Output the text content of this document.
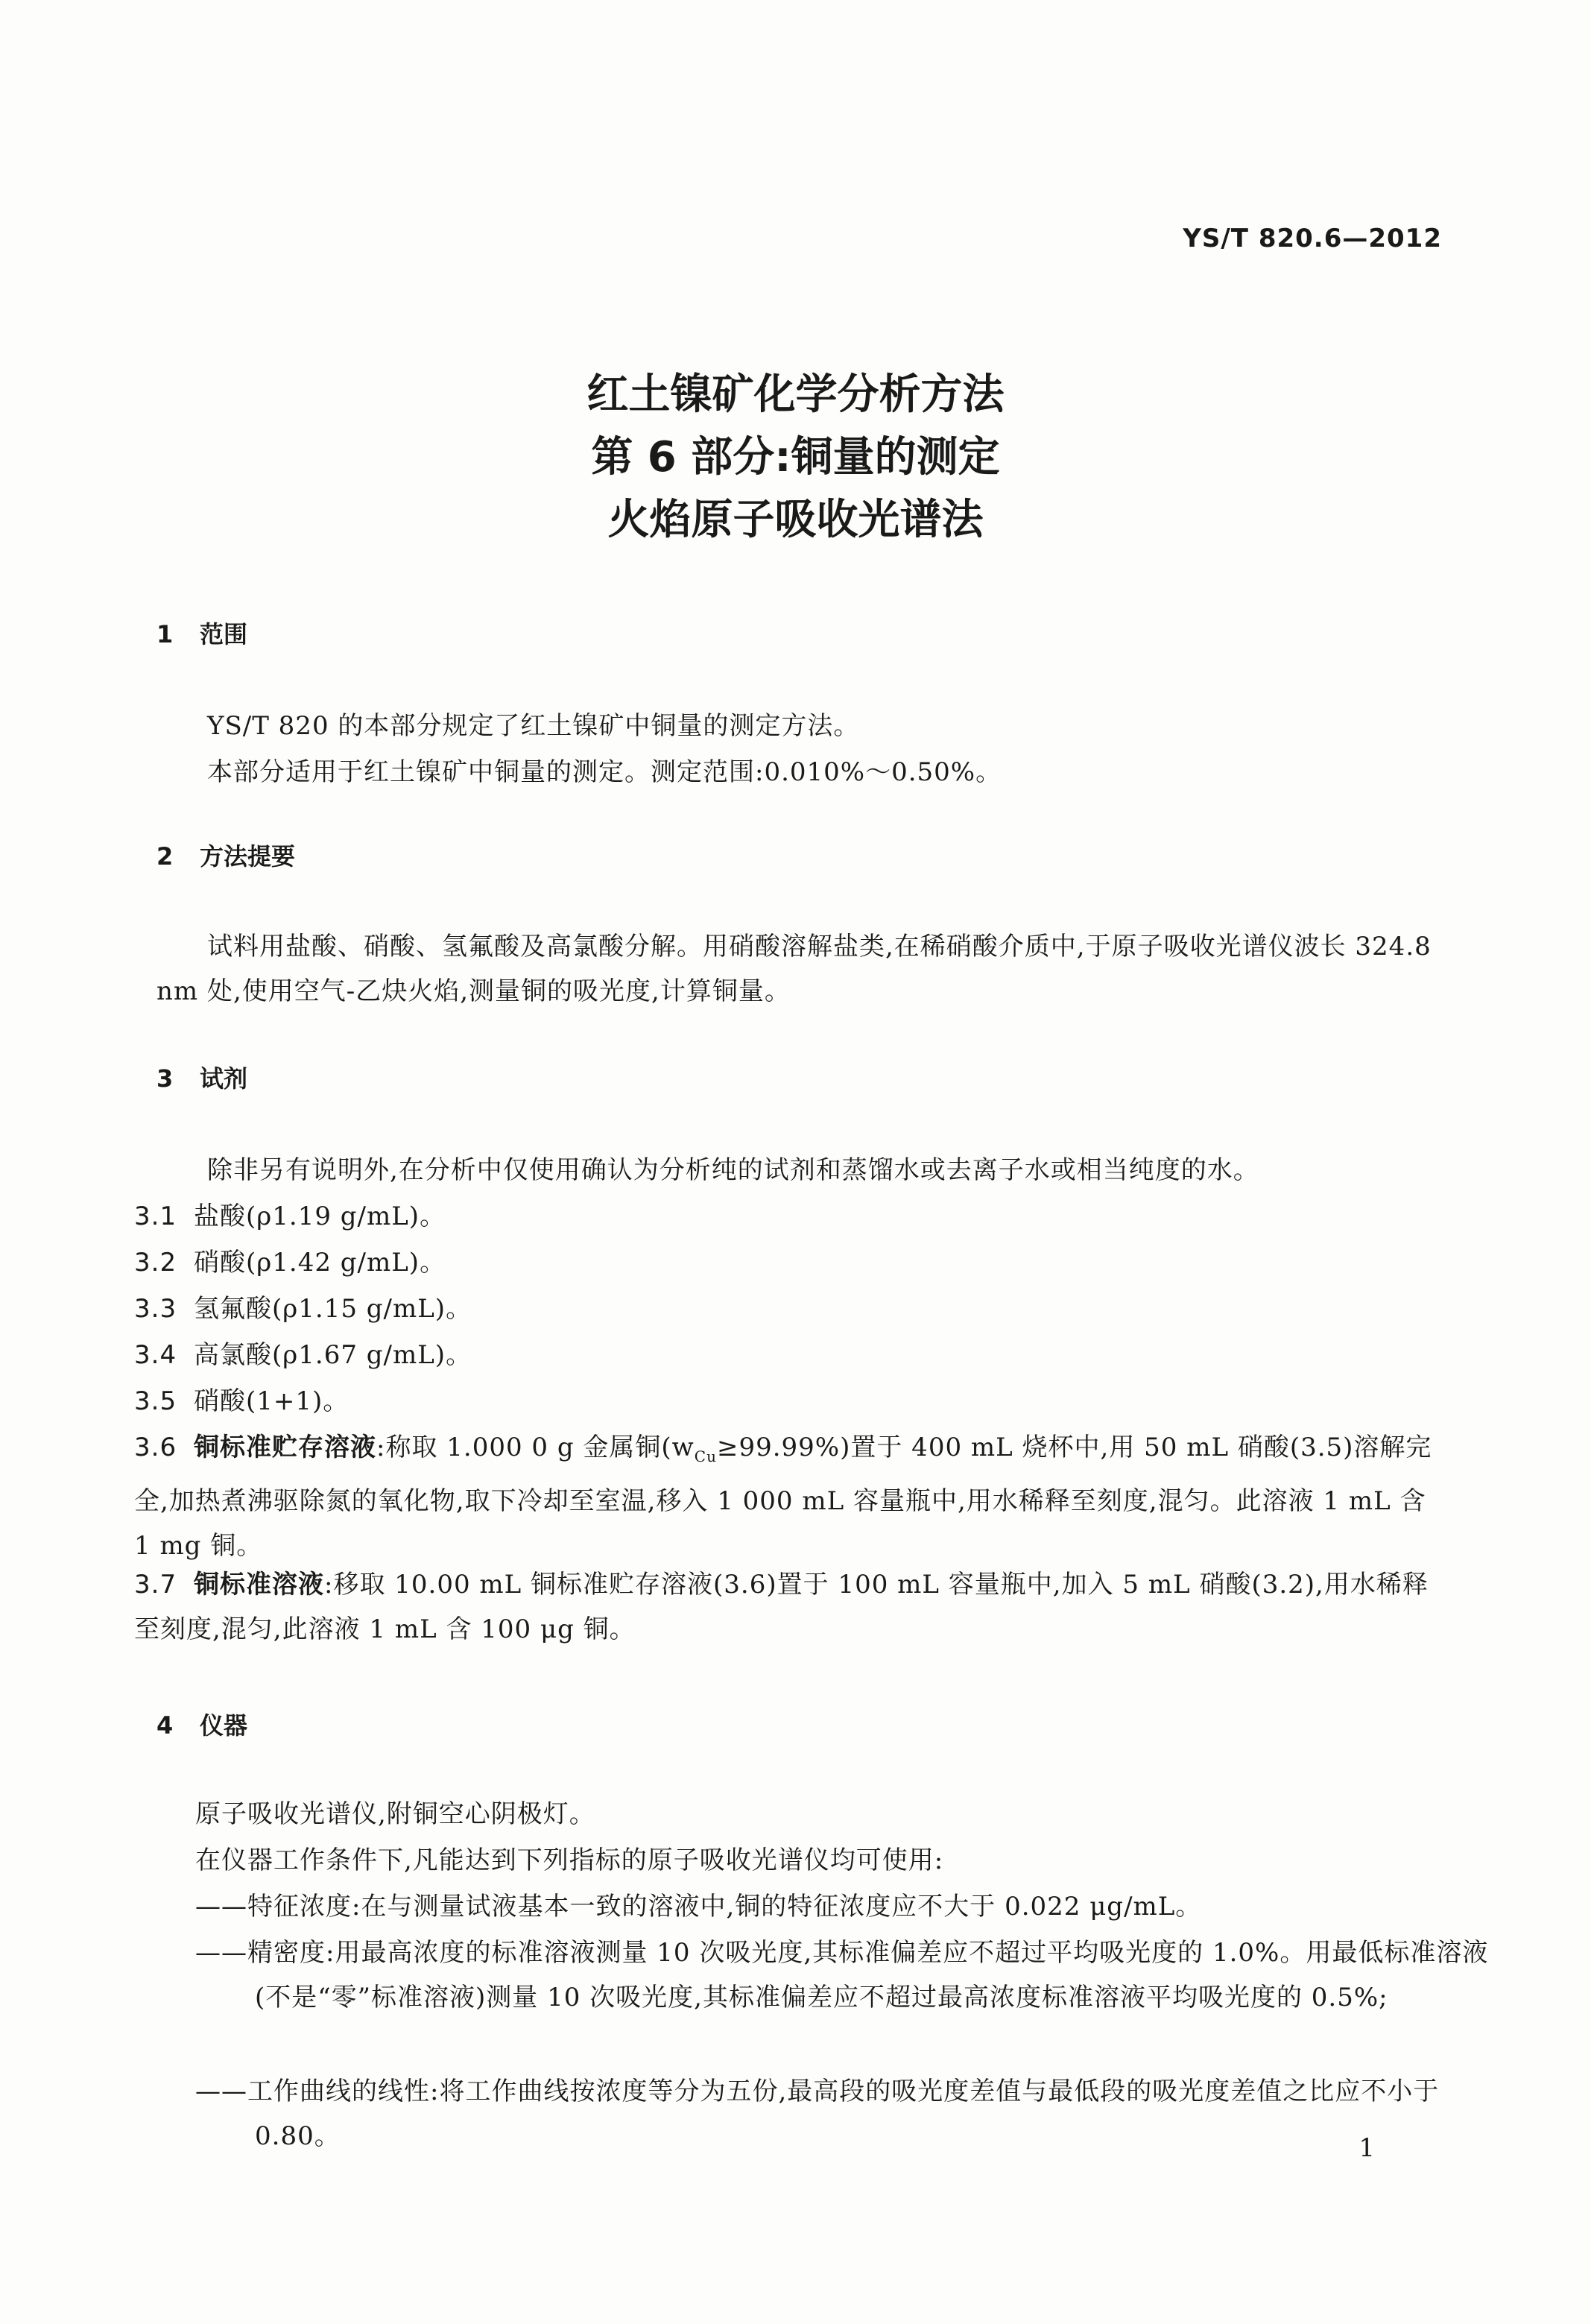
YS/T 820.6—2012
红土镍矿化学分析方法
第 6 部分:铜量的测定
火焰原子吸收光谱法
1 范围
YS/T 820 的本部分规定了红土镍矿中铜量的测定方法。
本部分适用于红土镍矿中铜量的测定。测定范围:0.010%～0.50%。
2 方法提要
试料用盐酸、硝酸、氢氟酸及高氯酸分解。用硝酸溶解盐类,在稀硝酸介质中,于原子吸收光谱仪波长 324.8 nm 处,使用空气-乙炔火焰,测量铜的吸光度,计算铜量。
3 试剂
除非另有说明外,在分析中仅使用确认为分析纯的试剂和蒸馏水或去离子水或相当纯度的水。
3.1 盐酸(ρ1.19 g/mL)。
3.2 硝酸(ρ1.42 g/mL)。
3.3 氢氟酸(ρ1.15 g/mL)。
3.4 高氯酸(ρ1.67 g/mL)。
3.5 硝酸(1+1)。
3.6 铜标准贮存溶液:称取 1.000 0 g 金属铜$(w_{Cu}\ge 99.99\%)$置于 400 mL 烧杯中,用 50 mL 硝酸(3.5)溶解完全,加热煮沸驱除氮的氧化物,取下冷却至室温,移入 1 000 mL 容量瓶中,用水稀释至刻度,混匀。此溶液 1 mL 含 1 mg 铜。
3.7 铜标准溶液:移取 10.00 mL 铜标准贮存溶液(3.6)置于 100 mL 容量瓶中,加入 5 mL 硝酸(3.2),用水稀释至刻度,混匀,此溶液 1 mL 含 100 μg 铜。
4 仪器
原子吸收光谱仪,附铜空心阴极灯。
在仪器工作条件下,凡能达到下列指标的原子吸收光谱仪均可使用:
——特征浓度:在与测量试液基本一致的溶液中,铜的特征浓度应不大于 0.022 μg/mL。
——精密度:用最高浓度的标准溶液测量 10 次吸光度,其标准偏差应不超过平均吸光度的 1.0%。用最低标准溶液(不是“零”标准溶液)测量 10 次吸光度,其标准偏差应不超过最高浓度标准溶液平均吸光度的 0.5%;
——工作曲线的线性:将工作曲线按浓度等分为五份,最高段的吸光度差值与最低段的吸光度差值之比应不小于 0.80。	1
